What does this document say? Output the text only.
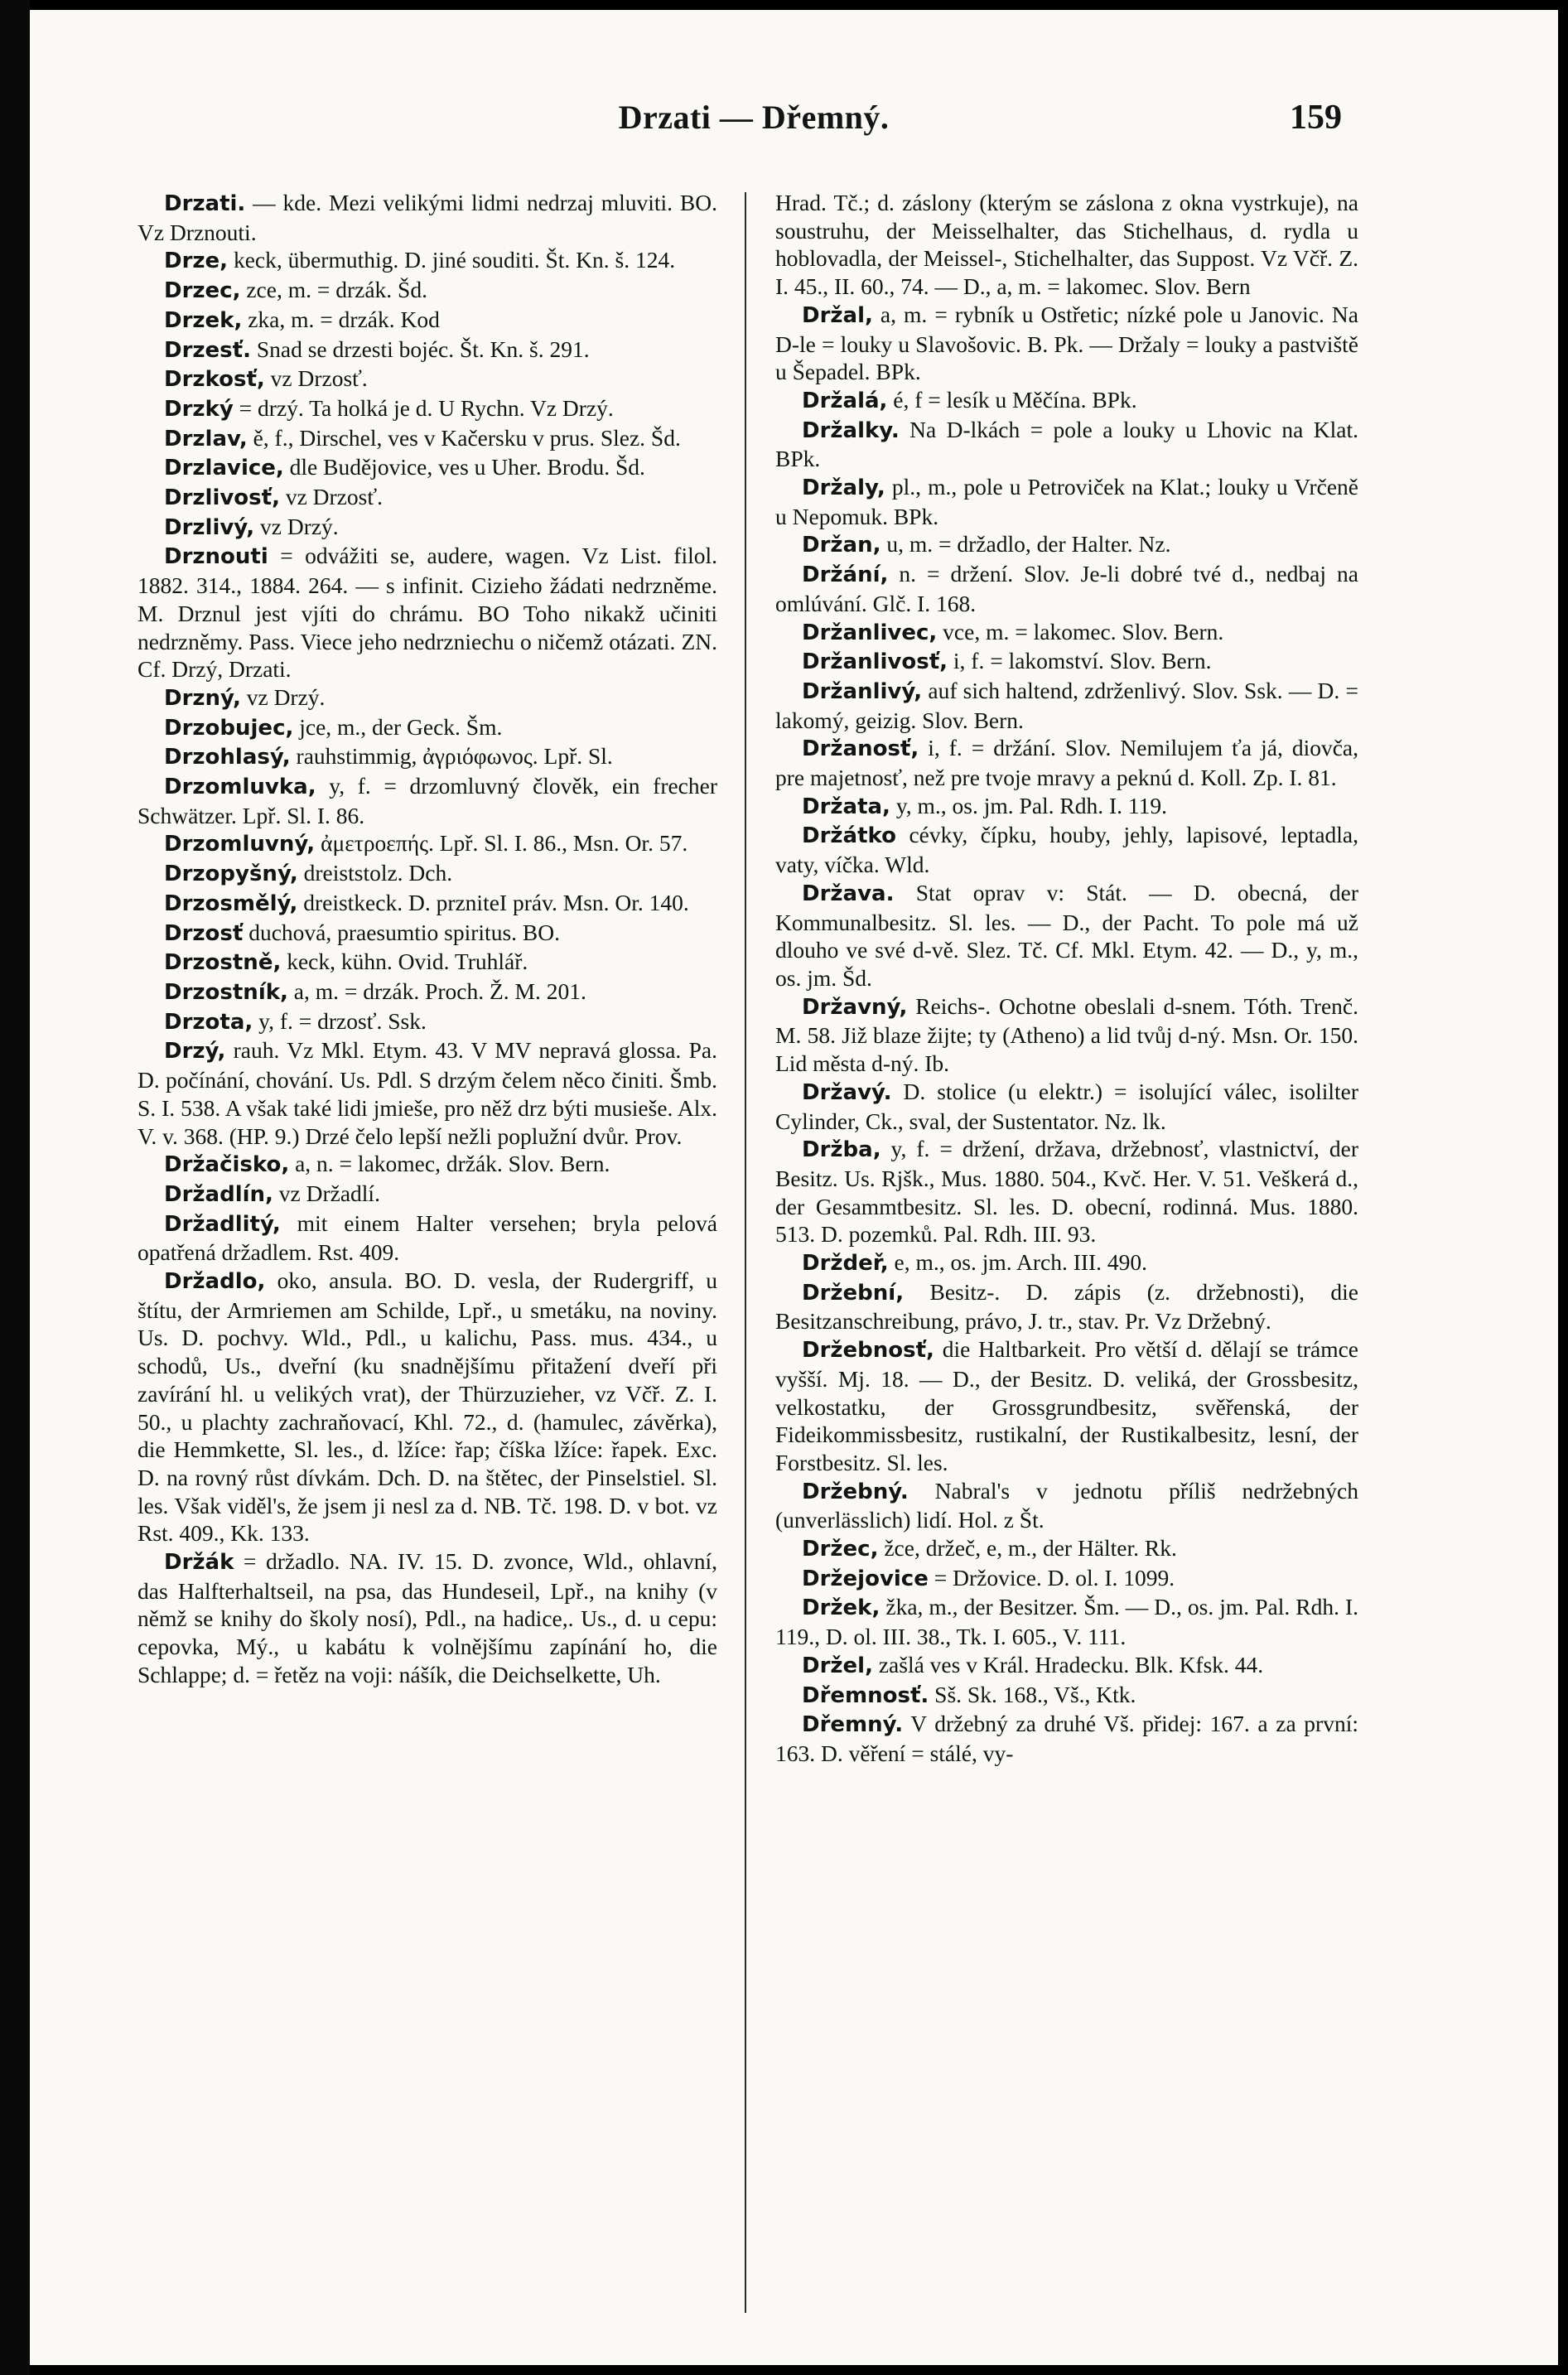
Drzati — Dřemný.	159

Drzati. — kde. Mezi velikými lidmi nedrzaj mluviti. BO. Vz Drznouti.

Drze, keck, übermuthig. D. jiné souditi. Št. Kn. š. 124.

Drzec, zce, m. = drzák. Šd.

Drzek, zka, m. = drzák. Kod

Drzesť. Snad se drzesti bojéc. Št. Kn. š. 291.

Drzkosť, vz Drzosť.

Drzký = drzý. Ta holká je d. U Rychn. Vz Drzý.

Drzlav, ě, f., Dirschel, ves v Kačersku v prus. Slez. Šd.

Drzlavice, dle Budějovice, ves u Uher. Brodu. Šd.

Drzlivosť, vz Drzosť.

Drzlivý, vz Drzý.

Drznouti = odvážiti se, audere, wagen. Vz List. filol. 1882. 314., 1884. 264. — s infinit. Cizieho žádati nedrzněme. M. Drznul jest vjíti do chrámu. BO Toho nikakž učiniti nedrzněmy. Pass. Viece jeho nedrzniechu o ničemž otázati. ZN. Cf. Drzý, Drzati.

Drzný, vz Drzý.

Drzobujec, jce, m., der Geck. Šm.

Drzohlasý, rauhstimmig, ἀγριόφωνος. Lpř. Sl.

Drzomluvka, y, f. = drzomluvný člověk, ein frecher Schwätzer. Lpř. Sl. I. 86.

Drzomluvný, ἀμετροεπής. Lpř. Sl. I. 86., Msn. Or. 57.

Drzopyšný, dreiststolz. Dch.

Drzosmělý, dreistkeck. D. przniteI práv. Msn. Or. 140.

Drzosť duchová, praesumtio spiritus. BO.

Drzostně, keck, kühn. Ovid. Truhlář.

Drzostník, a, m. = drzák. Proch. Ž. M. 201.

Drzota, y, f. = drzosť. Ssk.

Drzý, rauh. Vz Mkl. Etym. 43. V MV nepravá glossa. Pa. D. počínání, chování. Us. Pdl. S drzým čelem něco činiti. Šmb. S. I. 538. A však také lidi jmieše, pro něž drz býti musieše. Alx. V. v. 368. (HP. 9.) Drzé čelo lepší nežli poplužní dvůr. Prov.

Držačisko, a, n. = lakomec, držák. Slov. Bern.

Držadlín, vz Držadlí.

Držadlitý, mit einem Halter versehen; bryla pelová opatřená držadlem. Rst. 409.

Držadlo, oko, ansula. BO. D. vesla, der Rudergriff, u štítu, der Armriemen am Schilde, Lpř., u smetáku, na noviny. Us. D. pochvy. Wld., Pdl., u kalichu, Pass. mus. 434., u schodů, Us., dveřní (ku snadnějšímu přitažení dveří při zavírání hl. u velikých vrat), der Thürzuzieher, vz Včř. Z. I. 50., u plachty zachraňovací, Khl. 72., d. (hamulec, závěrka), die Hemmkette, Sl. les., d. lžíce: řap; číška lžíce: řapek. Exc. D. na rovný růst dívkám. Dch. D. na štětec, der Pinselstiel. Sl. les. Však viděl's, že jsem ji nesl za d. NB. Tč. 198. D. v bot. vz Rst. 409., Kk. 133.

Držák = držadlo. NA. IV. 15. D. zvonce, Wld., ohlavní, das Halfterhaltseil, na psa, das Hundeseil, Lpř., na knihy (v němž se knihy do školy nosí), Pdl., na hadice,. Us., d. u cepu: cepovka, Mý., u kabátu k volnějšímu zapínání ho, die Schlappe; d. = řetěz na voji: nášík, die Deichselkette, Uh.

Hrad. Tč.; d. záslony (kterým se záslona z okna vystrkuje), na soustruhu, der Meisselhalter, das Stichelhaus, d. rydla u hoblovadla, der Meissel-, Stichelhalter, das Suppost. Vz Včř. Z. I. 45., II. 60., 74. — D., a, m. = lakomec. Slov. Bern

Držal, a, m. = rybník u Ostřetic; nízké pole u Janovic. Na D-le = louky u Slavošovic. B. Pk. — Držaly = louky a pastviště u Šepadel. BPk.

Držalá, é, f = lesík u Měčína. BPk.

Držalky. Na D-lkách = pole a louky u Lhovic na Klat. BPk.

Držaly, pl., m., pole u Petroviček na Klat.; louky u Vrčeně u Nepomuk. BPk.

Držan, u, m. = držadlo, der Halter. Nz.

Držání, n. = držení. Slov. Je-li dobré tvé d., nedbaj na omlúvání. Glč. I. 168.

Držanlivec, vce, m. = lakomec. Slov. Bern.

Držanlivosť, i, f. = lakomství. Slov. Bern.

Držanlivý, auf sich haltend, zdrženlivý. Slov. Ssk. — D. = lakomý, geizig. Slov. Bern.

Držanosť, i, f. = držání. Slov. Nemilujem ťa já, diovča, pre majetnosť, než pre tvoje mravy a peknú d. Koll. Zp. I. 81.

Držata, y, m., os. jm. Pal. Rdh. I. 119.

Držátko cévky, čípku, houby, jehly, lapisové, leptadla, vaty, víčka. Wld.

Država. Stat oprav v: Stát. — D. obecná, der Kommunalbesitz. Sl. les. — D., der Pacht. To pole má už dlouho ve své d-vě. Slez. Tč. Cf. Mkl. Etym. 42. — D., y, m., os. jm. Šd.

Državný, Reichs-. Ochotne obeslali d-snem. Tóth. Trenč. M. 58. Již blaze žijte; ty (Atheno) a lid tvůj d-ný. Msn. Or. 150. Lid města d-ný. Ib.

Državý. D. stolice (u elektr.) = isolující válec, isolilter Cylinder, Ck., sval, der Sustentator. Nz. lk.

Držba, y, f. = držení, država, držebnosť, vlastnictví, der Besitz. Us. Rjšk., Mus. 1880. 504., Kvč. Her. V. 51. Veškerá d., der Gesammtbesitz. Sl. les. D. obecní, rodinná. Mus. 1880. 513. D. pozemků. Pal. Rdh. III. 93.

Drždeř, e, m., os. jm. Arch. III. 490.

Držební, Besitz-. D. zápis (z. držebnosti), die Besitzanschreibung, právo, J. tr., stav. Pr. Vz Držebný.

Držebnosť, die Haltbarkeit. Pro větší d. dělají se trámce vyšší. Mj. 18. — D., der Besitz. D. veliká, der Grossbesitz, velkostatku, der Grossgrundbesitz, svěřenská, der Fideikommissbesitz, rustikalní, der Rustikalbesitz, lesní, der Forstbesitz. Sl. les.

Držebný. Nabral's v jednotu příliš nedržebných (unverlässlich) lidí. Hol. z Št.

Držec, žce, držeč, e, m., der Hälter. Rk.

Držejovice = Držovice. D. ol. I. 1099.

Držek, žka, m., der Besitzer. Šm. — D., os. jm. Pal. Rdh. I. 119., D. ol. III. 38., Tk. I. 605., V. 111.

Držel, zašlá ves v Král. Hradecku. Blk. Kfsk. 44.

Dřemnosť. Sš. Sk. 168., Vš., Ktk.

Dřemný. V držebný za druhé Vš. přidej: 167. a za první: 163. D. věření = stálé, vy-
